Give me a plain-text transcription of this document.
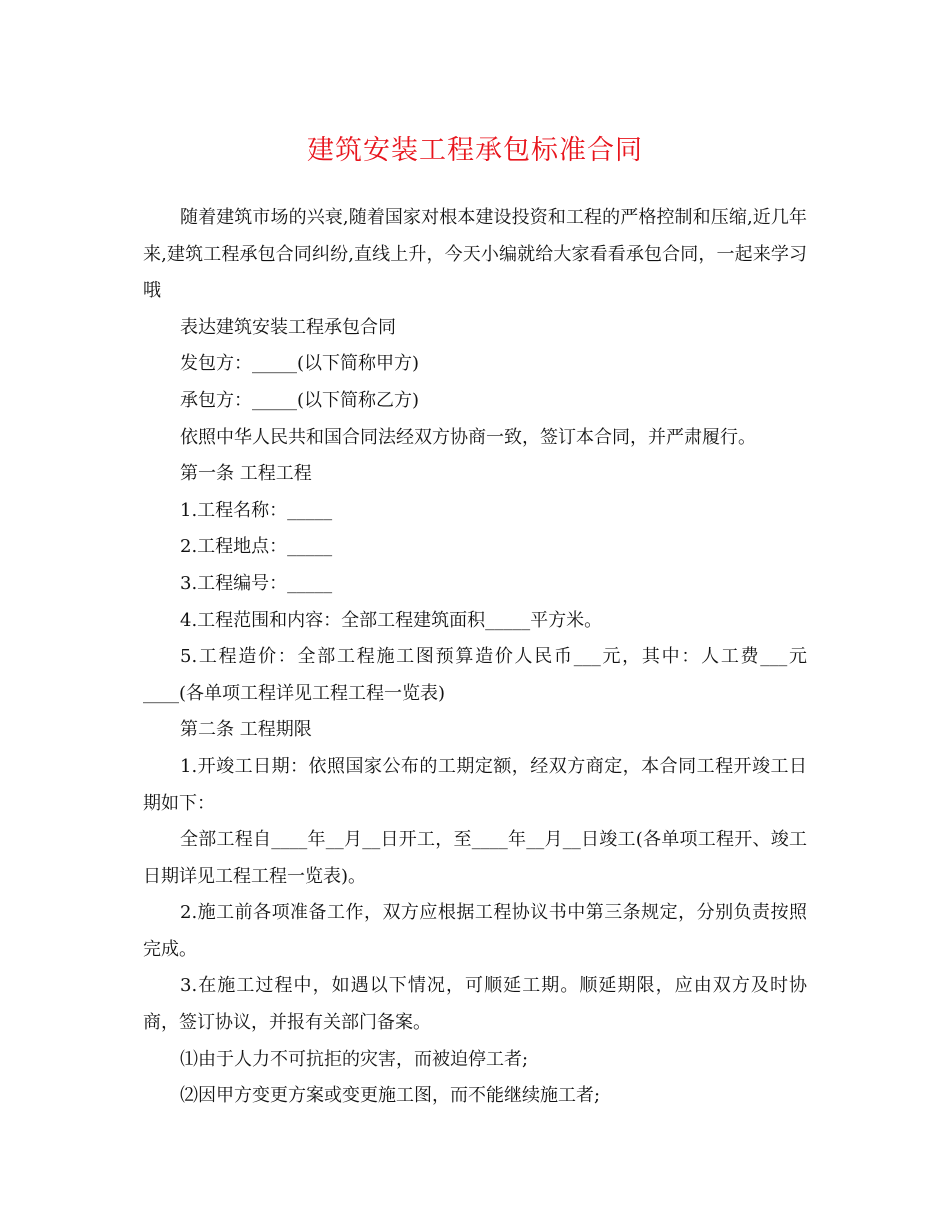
建筑安装工程承包标准合同

随着建筑市场的兴衰,随着国家对根本建设投资和工程的严格控制和压缩,近几年来,建筑工程承包合同纠纷,直线上升，今天小编就给大家看看承包合同，一起来学习哦

表达建筑安装工程承包合同

发包方：_____(以下简称甲方)

承包方：_____(以下简称乙方)

依照中华人民共和国合同法经双方协商一致，签订本合同，并严肃履行。

第一条 工程工程

1.工程名称：_____

2.工程地点：_____

3.工程编号：_____

4.工程范围和内容：全部工程建筑面积_____平方米。

5.工程造价：全部工程施工图预算造价人民币___元，其中：人工费___元____(各单项工程详见工程工程一览表)

第二条 工程期限

1.开竣工日期：依照国家公布的工期定额，经双方商定，本合同工程开竣工日期如下：

全部工程自____年__月__日开工，至____年__月__日竣工(各单项工程开、竣工日期详见工程工程一览表)。

2.施工前各项准备工作，双方应根据工程协议书中第三条规定，分别负责按照完成。

3.在施工过程中，如遇以下情况，可顺延工期。顺延期限，应由双方及时协商，签订协议，并报有关部门备案。

⑴由于人力不可抗拒的灾害，而被迫停工者;

⑵因甲方变更方案或变更施工图，而不能继续施工者;
